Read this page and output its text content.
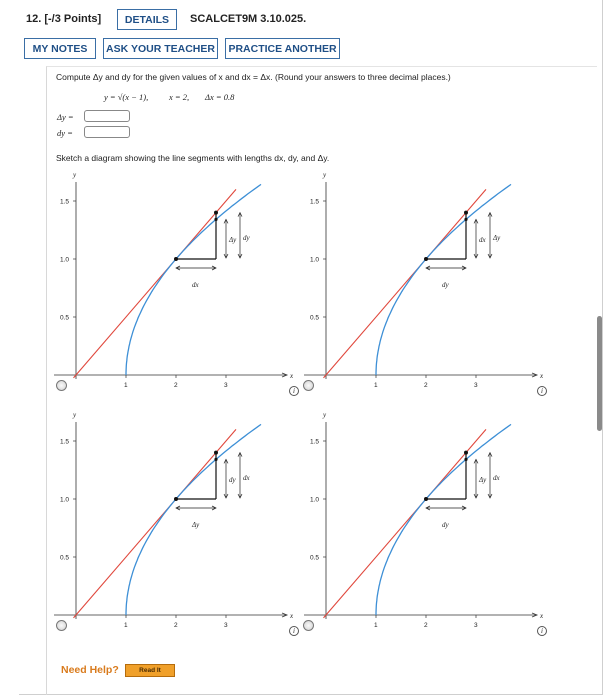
12. [-/3 Points]	DETAILS	SCALCET9M 3.10.025.
MY NOTES	ASK YOUR TEACHER	PRACTICE ANOTHER
Compute Δy and dy for the given values of x and dx = Δx. (Round your answers to three decimal places.)
y = √(x − 1), x = 2, Δx = 0.8
Δy =
dy =
Sketch a diagram showing the line segments with lengths dx, dy, and Δy.
x
y
1	2	3
0.5
1.0
1.5
dx
Δy dy
i
x
y
1	2	3
0.5
1.0
1.5
dy
dx Δy
i
x
y
1	2	3
0.5
1.0
1.5
Δy
dy dx
i
x
y
1	2	3
0.5
1.0
1.5
dy
Δy dx
i
Need Help?	Read It
